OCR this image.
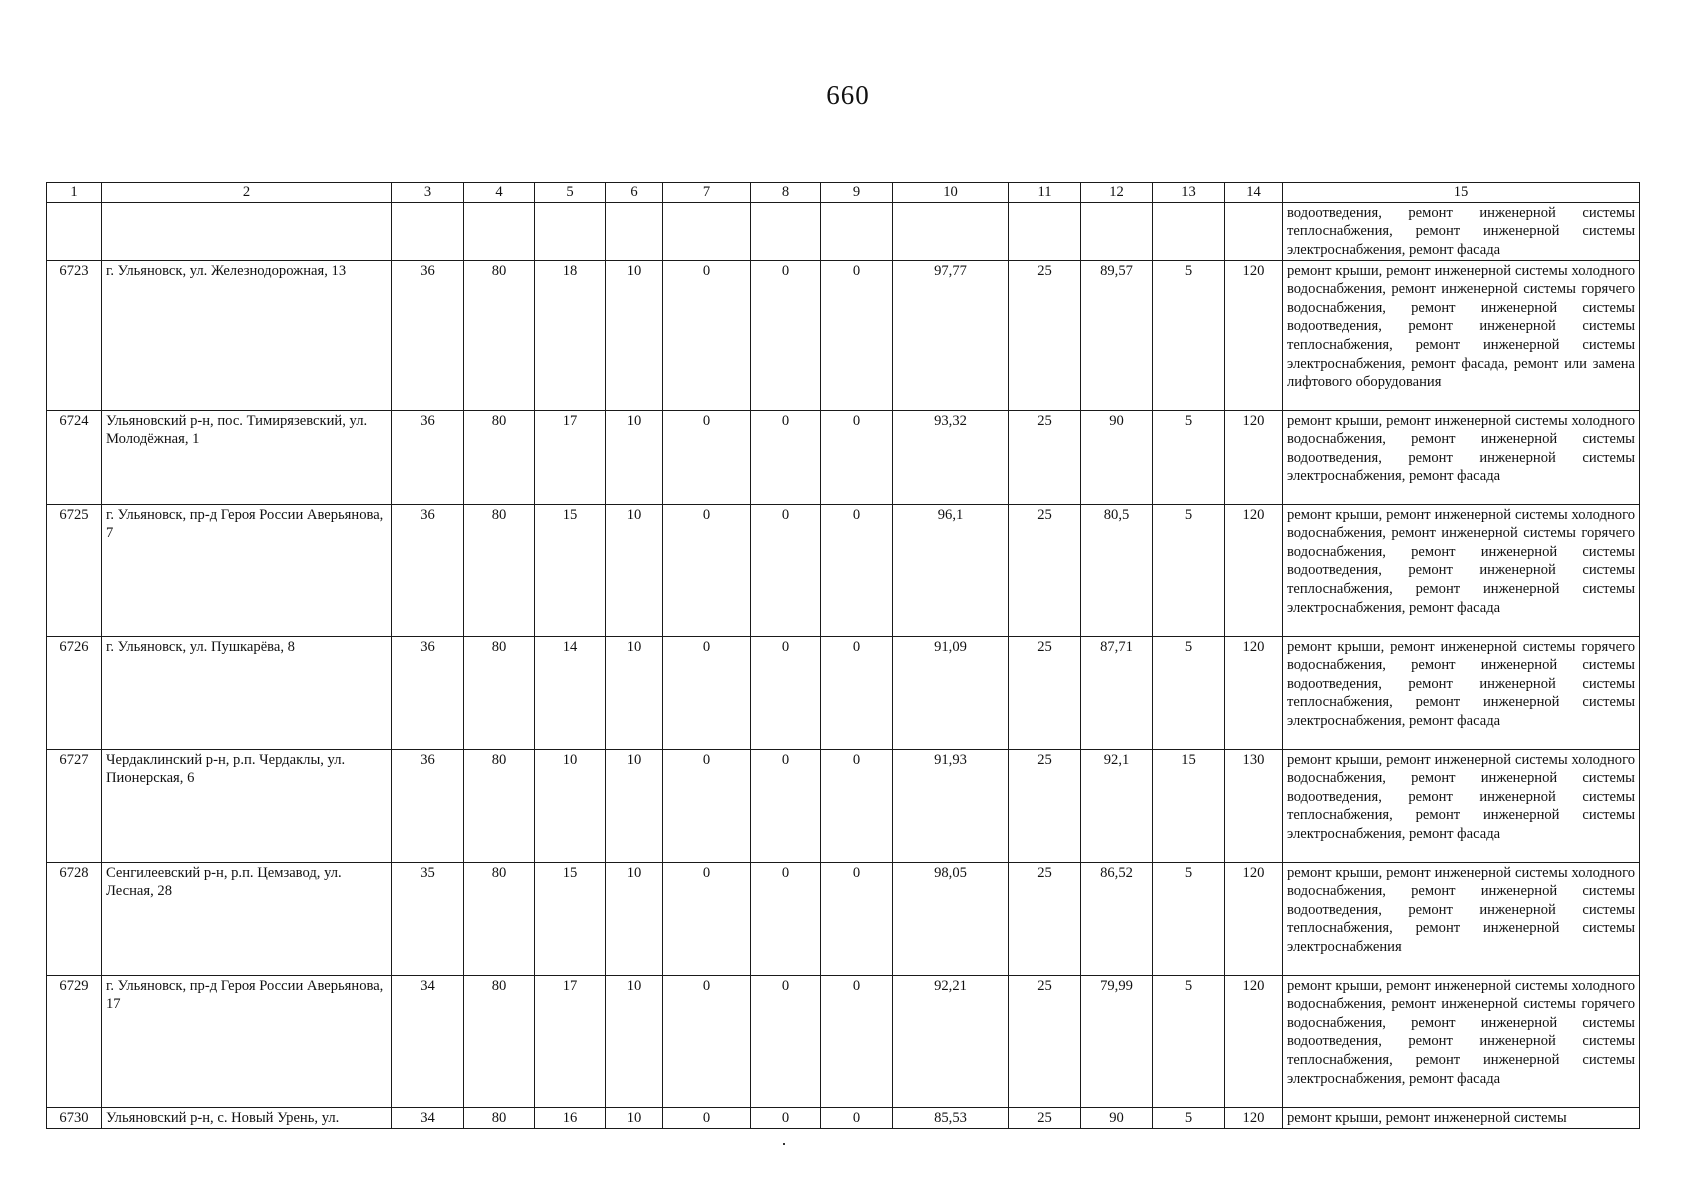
660
1	2	3	4	5	6	7	8	9	10	11	12	13	14	15
														водоотведения, ремонт инженерной системы теплоснабжения, ремонт инженерной системы электроснабжения, ремонт фасада
6723	г. Ульяновск, ул. Железнодорожная, 13	36	80	18	10	0	0	0	97,77	25	89,57	5	120	ремонт крыши, ремонт инженерной системы холодного водоснабжения, ремонт инженерной системы горячего водоснабжения, ремонт инженерной системы водоотведения, ремонт инженерной системы теплоснабжения, ремонт инженерной системы электроснабжения, ремонт фасада, ремонт или замена лифтового оборудования
6724	Ульяновский р-н, пос. Тимирязевский, ул. Молодёжная, 1	36	80	17	10	0	0	0	93,32	25	90	5	120	ремонт крыши, ремонт инженерной системы холодного водоснабжения, ремонт инженерной системы водоотведения, ремонт инженерной системы электроснабжения, ремонт фасада
6725	г. Ульяновск, пр-д Героя России Аверьянова, 7	36	80	15	10	0	0	0	96,1	25	80,5	5	120	ремонт крыши, ремонт инженерной системы холодного водоснабжения, ремонт инженерной системы горячего водоснабжения, ремонт инженерной системы водоотведения, ремонт инженерной системы теплоснабжения, ремонт инженерной системы электроснабжения, ремонт фасада
6726	г. Ульяновск, ул. Пушкарёва, 8	36	80	14	10	0	0	0	91,09	25	87,71	5	120	ремонт крыши, ремонт инженерной системы горячего водоснабжения, ремонт инженерной системы водоотведения, ремонт инженерной системы теплоснабжения, ремонт инженерной системы электроснабжения, ремонт фасада
6727	Чердаклинский р-н, р.п. Чердаклы, ул. Пионерская, 6	36	80	10	10	0	0	0	91,93	25	92,1	15	130	ремонт крыши, ремонт инженерной системы холодного водоснабжения, ремонт инженерной системы водоотведения, ремонт инженерной системы теплоснабжения, ремонт инженерной системы электроснабжения, ремонт фасада
6728	Сенгилеевский р-н, р.п. Цемзавод, ул. Лесная, 28	35	80	15	10	0	0	0	98,05	25	86,52	5	120	ремонт крыши, ремонт инженерной системы холодного водоснабжения, ремонт инженерной системы водоотведения, ремонт инженерной системы теплоснабжения, ремонт инженерной системы электроснабжения
6729	г. Ульяновск, пр-д Героя России Аверьянова, 17	34	80	17	10	0	0	0	92,21	25	79,99	5	120	ремонт крыши, ремонт инженерной системы холодного водоснабжения, ремонт инженерной системы горячего водоснабжения, ремонт инженерной системы водоотведения, ремонт инженерной системы теплоснабжения, ремонт инженерной системы электроснабжения, ремонт фасада
6730	Ульяновский р-н, с. Новый Урень, ул.	34	80	16	10	0	0	0	85,53	25	90	5	120	ремонт крыши, ремонт инженерной системы
